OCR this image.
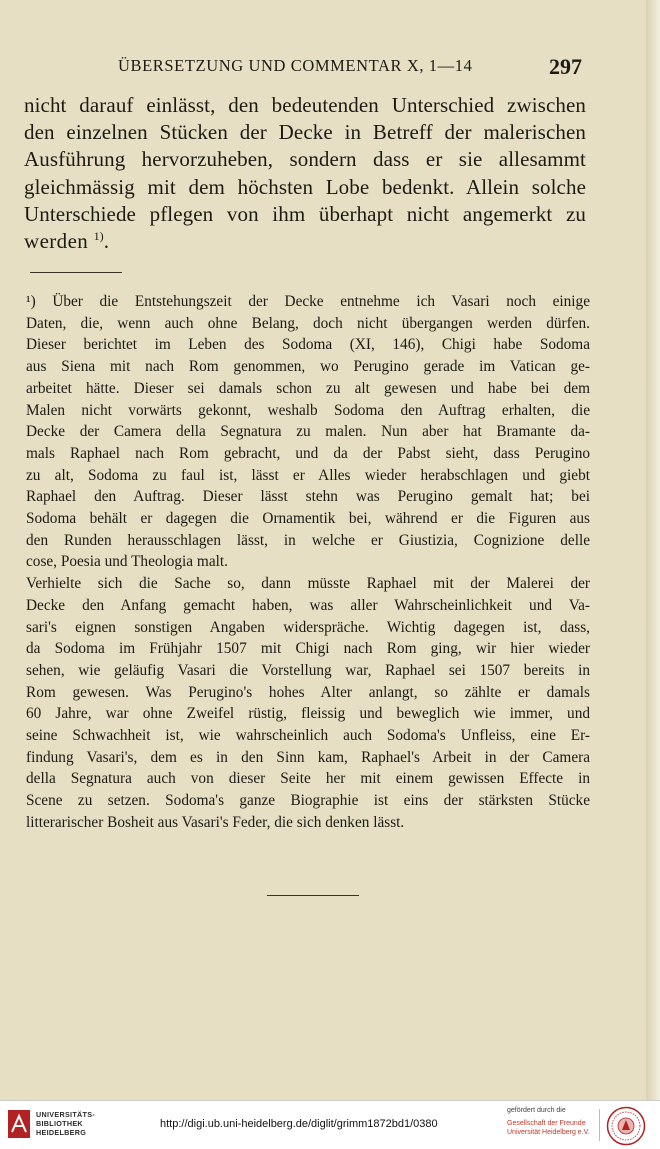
ÜBERSETZUNG UND COMMENTAR X, 1—14	297

nicht darauf einlässt, den bedeutenden Unterschied zwischen
den einzelnen Stücken der Decke in Betreff der malerischen
Ausführung hervorzuheben, sondern dass er sie allesammt
gleichmässig mit dem höchsten Lobe bedenkt. Allein solche
Unterschiede pflegen von ihm überhapt nicht angemerkt zu
werden $^{1)}$.

¹) Über die Entstehungszeit der Decke entnehme ich Vasari noch einige
Daten, die, wenn auch ohne Belang, doch nicht übergangen werden dürfen.
Dieser berichtet im Leben des Sodoma (XI, 146), Chigi habe Sodoma
aus Siena mit nach Rom genommen, wo Perugino gerade im Vatican ge-
arbeitet hätte. Dieser sei damals schon zu alt gewesen und habe bei dem
Malen nicht vorwärts gekonnt, weshalb Sodoma den Auftrag erhalten, die
Decke der Camera della Segnatura zu malen. Nun aber hat Bramante da-
mals Raphael nach Rom gebracht, und da der Pabst sieht, dass Perugino
zu alt, Sodoma zu faul ist, lässt er Alles wieder herabschlagen und giebt
Raphael den Auftrag. Dieser lässt stehn was Perugino gemalt hat; bei
Sodoma behält er dagegen die Ornamentik bei, während er die Figuren aus
den Runden herausschlagen lässt, in welche er Giustizia, Cognizione delle
cose, Poesia und Theologia malt.
Verhielte sich die Sache so, dann müsste Raphael mit der Malerei der
Decke den Anfang gemacht haben, was aller Wahrscheinlichkeit und Va-
sari's eignen sonstigen Angaben widerspräche. Wichtig dagegen ist, dass,
da Sodoma im Frühjahr 1507 mit Chigi nach Rom ging, wir hier wieder
sehen, wie geläufig Vasari die Vorstellung war, Raphael sei 1507 bereits in
Rom gewesen. Was Perugino's hohes Alter anlangt, so zählte er damals
60 Jahre, war ohne Zweifel rüstig, fleissig und beweglich wie immer, und
seine Schwachheit ist, wie wahrscheinlich auch Sodoma's Unfleiss, eine Er-
findung Vasari's, dem es in den Sinn kam, Raphael's Arbeit in der Camera
della Segnatura auch von dieser Seite her mit einem gewissen Effecte in
Scene zu setzen. Sodoma's ganze Biographie ist eins der stärksten Stücke
litterarischer Bosheit aus Vasari's Feder, die sich denken lässt.
UNIVERSITÄTS-
BIBLIOTHEK
HEIDELBERG
http://digi.ub.uni-heidelberg.de/diglit/grimm1872bd1/0380
gefördert durch die
Gesellschaft der Freunde
Universität Heidelberg e.V.
